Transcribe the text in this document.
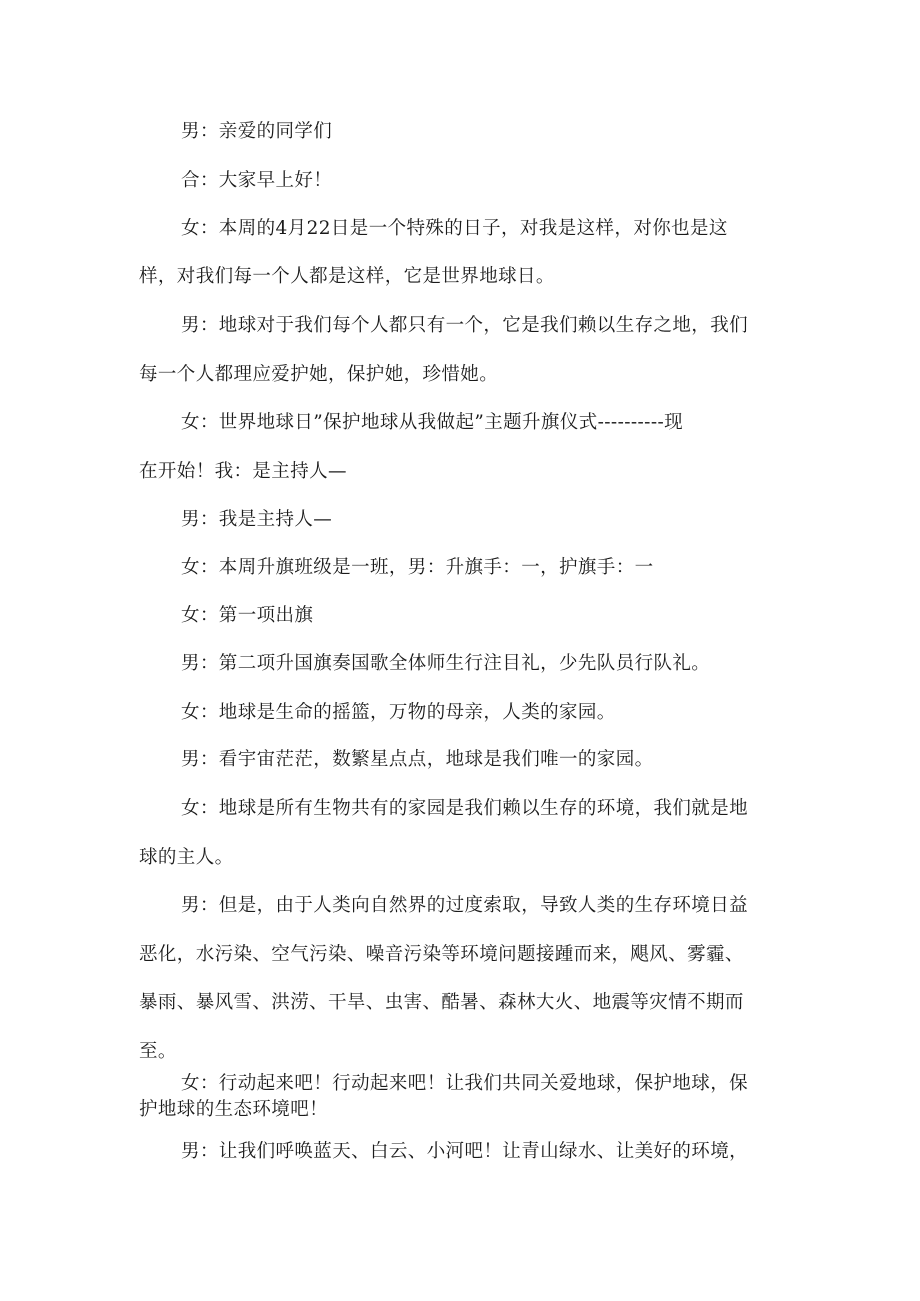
男：亲爱的同学们
合：大家早上好！
女：本周的4月22日是一个特殊的日子，对我是这样，对你也是这
样，对我们每一个人都是这样，它是世界地球日。
男：地球对于我们每个人都只有一个，它是我们赖以生存之地，我们
每一个人都理应爱护她，保护她，珍惜她。
女：世界地球日”保护地球从我做起”主题升旗仪式----------现
在开始！我：是主持人—
男：我是主持人—
女：本周升旗班级是一班，男：升旗手：一，护旗手：一
女：第一项出旗
男：第二项升国旗奏国歌全体师生行注目礼，少先队员行队礼。
女：地球是生命的摇篮，万物的母亲，人类的家园。
男：看宇宙茫茫，数繁星点点，地球是我们唯一的家园。
女：地球是所有生物共有的家园是我们赖以生存的环境，我们就是地
球的主人。
男：但是，由于人类向自然界的过度索取，导致人类的生存环境日益
恶化，水污染、空气污染、噪音污染等环境问题接踵而来，飓风、雾霾、
暴雨、暴风雪、洪涝、干旱、虫害、酷暑、森林大火、地震等灾情不期而
至。
女：行动起来吧！行动起来吧！让我们共同关爱地球，保护地球，保
护地球的生态环境吧！
男：让我们呼唤蓝天、白云、小河吧！让青山绿水、让美好的环境，
